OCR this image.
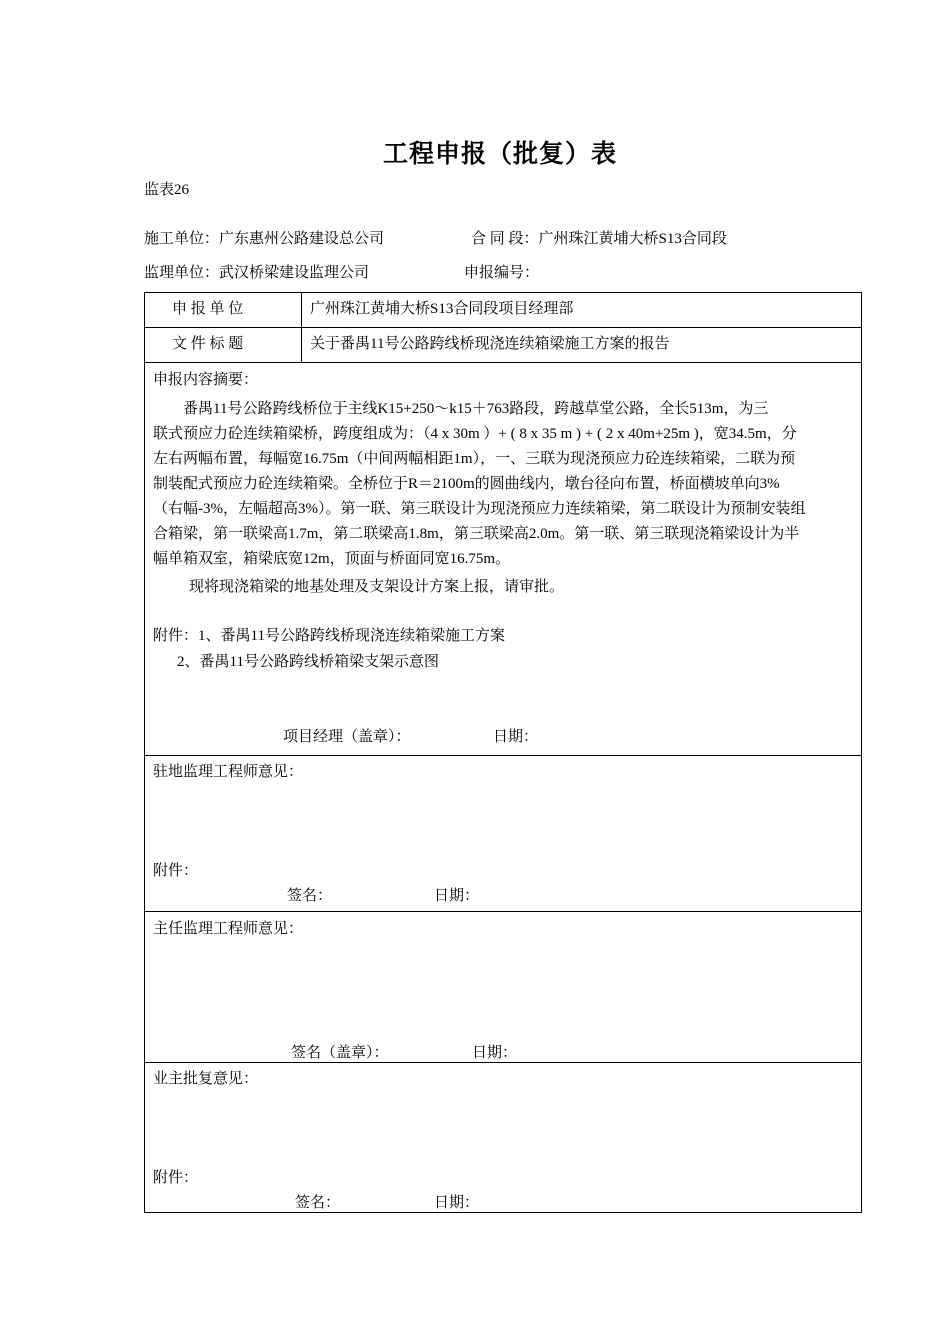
工程申报（批复）表
监表26
施工单位：广东惠州公路建设总公司	合 同 段：广州珠江黄埔大桥S13合同段
监理单位：武汉桥梁建设监理公司	申报编号：
申 报 单 位	广州珠江黄埔大桥S13合同段项目经理部
文 件 标 题	关于番禺11号公路跨线桥现浇连续箱梁施工方案的报告
申报内容摘要：

番禺11号公路跨线桥位于主线K15+250～k15＋763路段，跨越草堂公路，全长513m，为三

联式预应力砼连续箱梁桥，跨度组成为：（4 x 30m ）+ ( 8 x 35 m ) + ( 2 x 40m+25m )，宽34.5m，分

左右两幅布置，每幅宽16.75m（中间两幅相距1m），一、三联为现浇预应力砼连续箱梁，二联为预

制装配式预应力砼连续箱梁。全桥位于R＝2100m的圆曲线内，墩台径向布置，桥面横坡单向3%

（右幅-3%，左幅超高3%）。第一联、第三联设计为现浇预应力连续箱梁，第二联设计为预制安装组

合箱梁，第一联梁高1.7m，第二联梁高1.8m，第三联梁高2.0m。第一联、第三联现浇箱梁设计为半

幅单箱双室，箱梁底宽12m，顶面与桥面同宽16.75m。

现将现浇箱梁的地基处理及支架设计方案上报，请审批。
附件：1、番禺11号公路跨线桥现浇连续箱梁施工方案
2、番禺11号公路跨线桥箱梁支架示意图
项目经理（盖章）：	日期：
驻地监理工程师意见：
附件：
签名：	日期：
主任监理工程师意见：
签名（盖章）：	日期：
业主批复意见：
附件：
签名：	日期：
